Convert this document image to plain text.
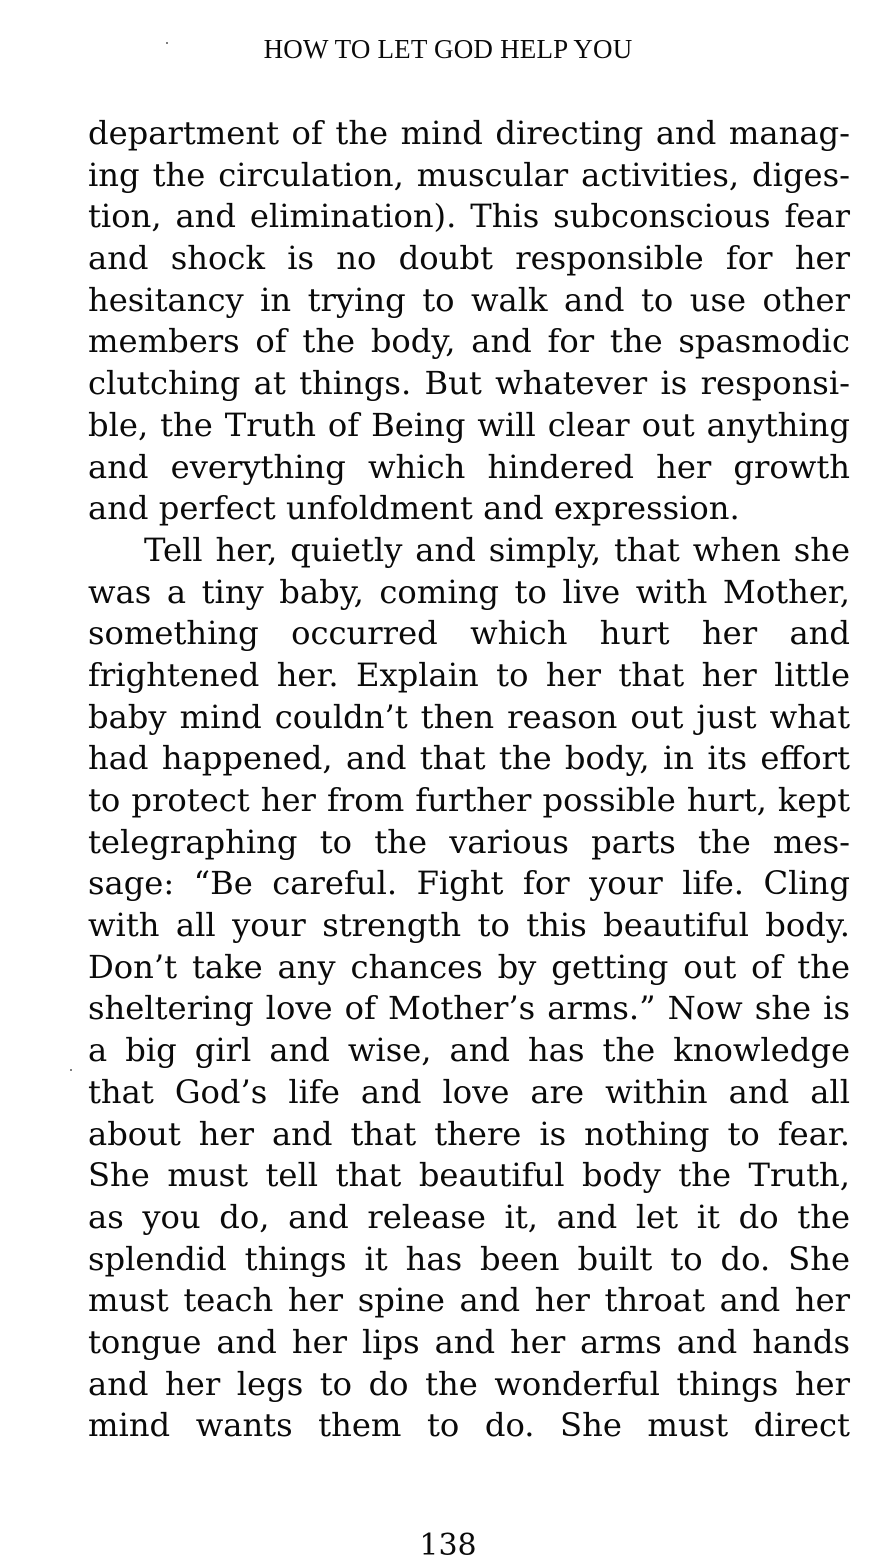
HOW TO LET GOD HELP YOU
department of the mind directing and manag-
ing the circulation, muscular activities, diges-
tion, and elimination). This subconscious fear
and shock is no doubt responsible for her
hesitancy in trying to walk and to use other
members of the body, and for the spasmodic
clutching at things. But whatever is responsi-
ble, the Truth of Being will clear out anything
and everything which hindered her growth
and perfect unfoldment and expression.
Tell her, quietly and simply, that when she
was a tiny baby, coming to live with Mother,
something occurred which hurt her and
frightened her. Explain to her that her little
baby mind couldn’t then reason out just what
had happened, and that the body, in its effort
to protect her from further possible hurt, kept
telegraphing to the various parts the mes-
sage: “Be careful. Fight for your life. Cling
with all your strength to this beautiful body.
Don’t take any chances by getting out of the
sheltering love of Mother’s arms.” Now she is
a big girl and wise, and has the knowledge
that God’s life and love are within and all
about her and that there is nothing to fear.
She must tell that beautiful body the Truth,
as you do, and release it, and let it do the
splendid things it has been built to do. She
must teach her spine and her throat and her
tongue and her lips and her arms and hands
and her legs to do the wonderful things her
mind wants them to do. She must direct
138
